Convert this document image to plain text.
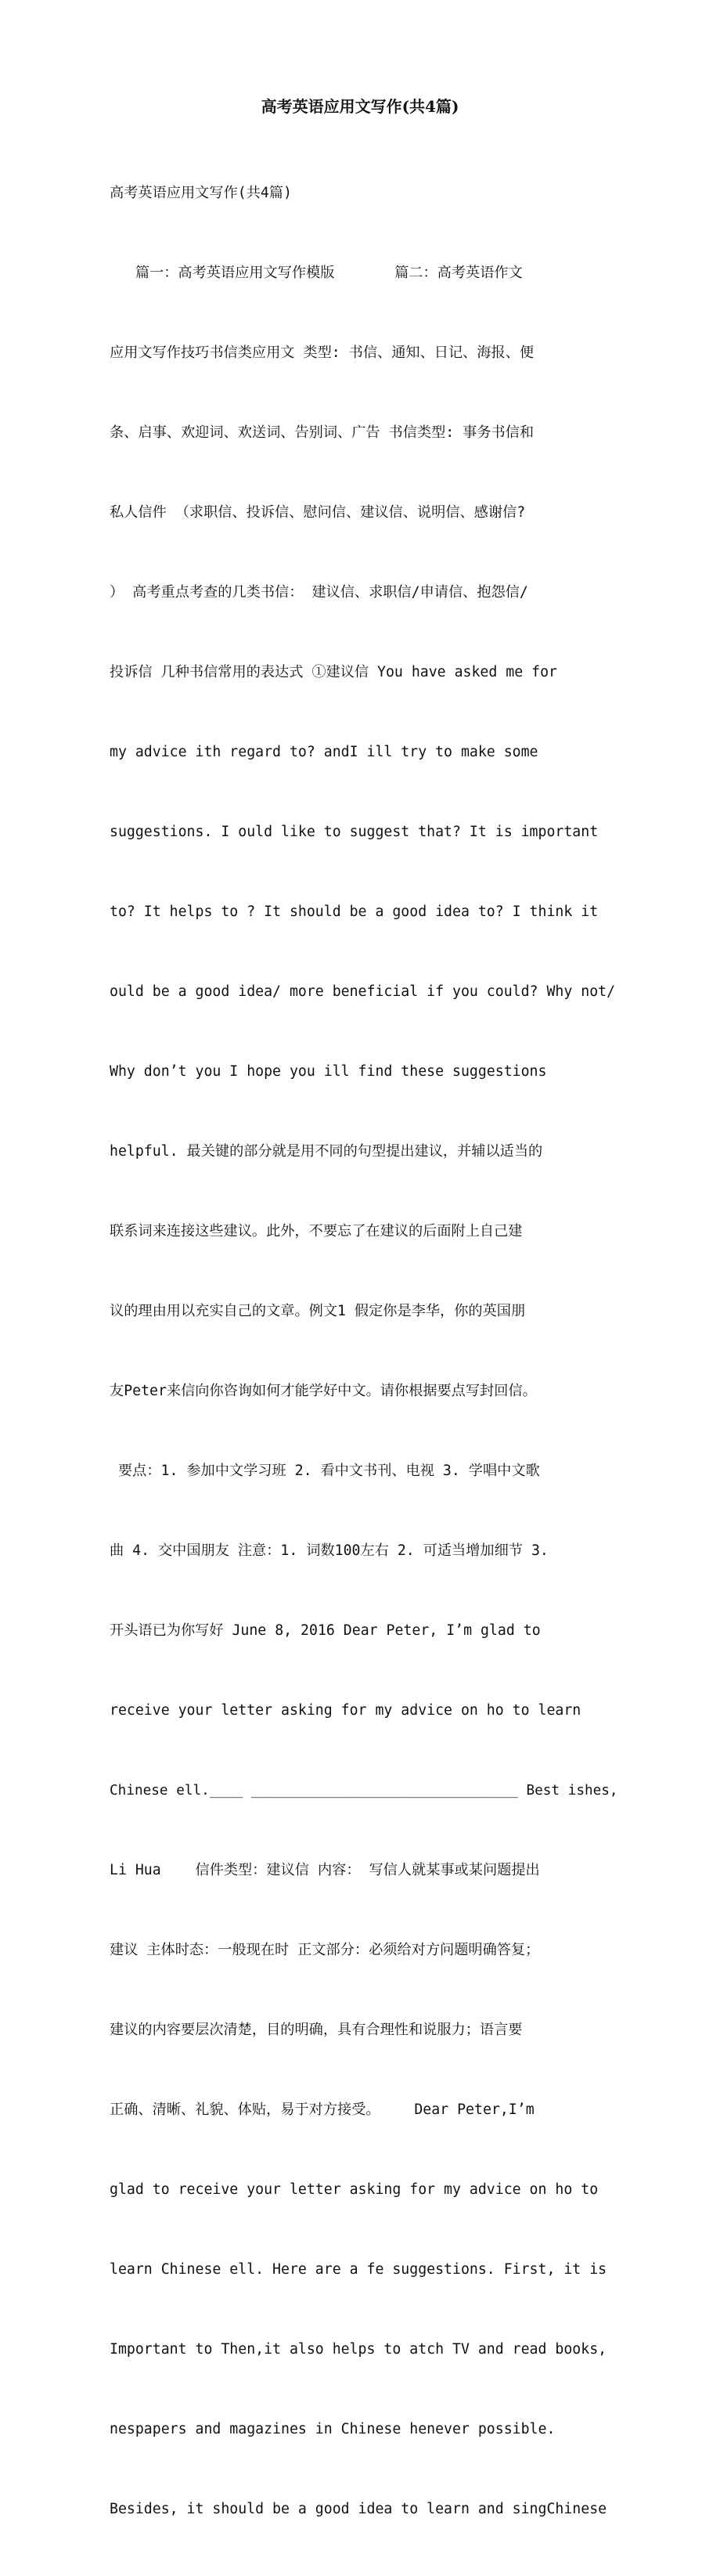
高考英语应用文写作(共4篇)

高考英语应用文写作(共4篇)

篇一：高考英语应用文写作模版       篇二：高考英语作文

应用文写作技巧书信类应用文 类型: 书信、通知、日记、海报、便

条、启事、欢迎词、欢送词、告别词、广告 书信类型: 事务书信和

私人信件 （求职信、投诉信、慰问信、建议信、说明信、感谢信?

） 高考重点考查的几类书信： 建议信、求职信/申请信、抱怨信/

投诉信 几种书信常用的表达式 ①建议信 You have asked me for

my advice ith regard to? andI ill try to make some

suggestions. I ould like to suggest that? It is important

to? It helps to ? It should be a good idea to? I think it

ould be a good idea/ more beneficial if you could? Why not/

Why don’t you I hope you ill find these suggestions

helpful. 最关键的部分就是用不同的句型提出建议，并辅以适当的

联系词来连接这些建议。此外，不要忘了在建议的后面附上自己建

议的理由用以充实自己的文章。例文1 假定你是李华，你的英国朋

友Peter来信向你咨询如何才能学好中文。请你根据要点写封回信。

要点：1. 参加中文学习班 2. 看中文书刊、电视 3. 学唱中文歌

曲 4. 交中国朋友 注意：1. 词数100左右 2. 可适当增加细节 3.

开头语已为你写好 June 8, 2016 Dear Peter, I’m glad to

receive your letter asking for my advice on ho to learn

Chinese ell.____ ________________________________ Best ishes,

Li Hua    信件类型：建议信 内容： 写信人就某事或某问题提出

建议 主体时态：一般现在时 正文部分：必须给对方问题明确答复；

建议的内容要层次清楚，目的明确，具有合理性和说服力；语言要

正确、清晰、礼貌、体贴，易于对方接受。    Dear Peter,I’m

glad to receive your letter asking for my advice on ho to

learn Chinese ell. Here are a fe suggestions. First, it is

Important to Then,it also helps to atch TV and read books,

nespapers and magazines in Chinese henever possible.

Besides, it should be a good idea to learn and singChinese
